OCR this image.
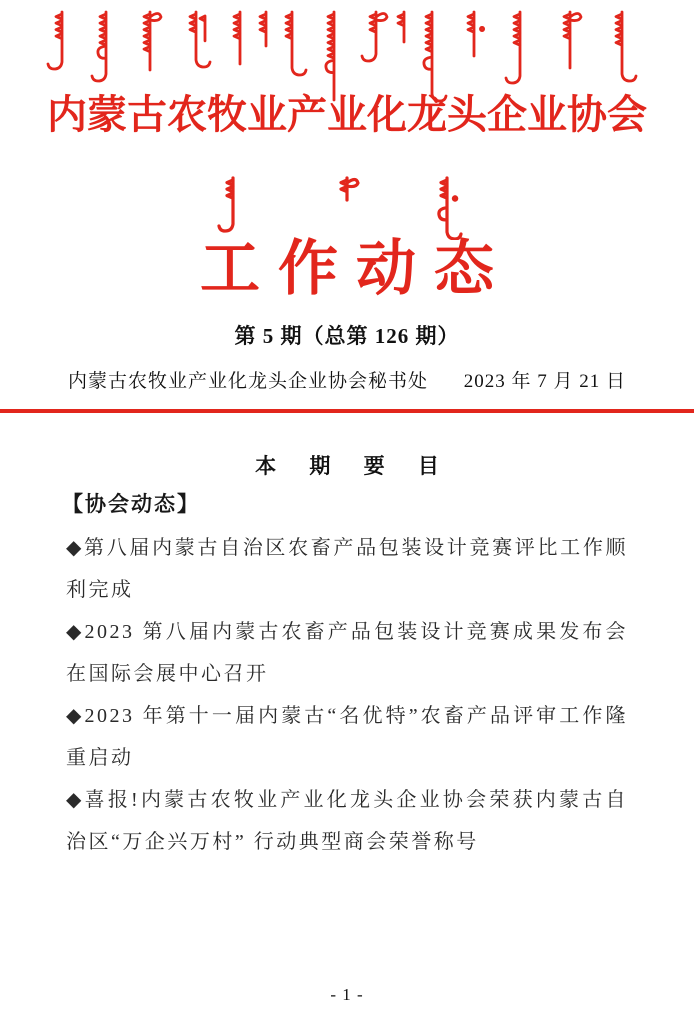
内蒙古农牧业产业化龙头企业协会
工作动态
第 5 期（总第 126 期）
内蒙古农牧业产业化龙头企业协会秘书处 2023 年 7 月 21 日
本 期 要 目
【协会动态】

◆第八届内蒙古自治区农畜产品包装设计竞赛评比工作顺利完成

◆2023 第八届内蒙古农畜产品包装设计竞赛成果发布会在国际会展中心召开

◆2023 年第十一届内蒙古“名优特”农畜产品评审工作隆重启动

◆喜报!内蒙古农牧业产业化龙头企业协会荣获内蒙古自治区“万企兴万村” 行动典型商会荣誉称号

- 1 -
